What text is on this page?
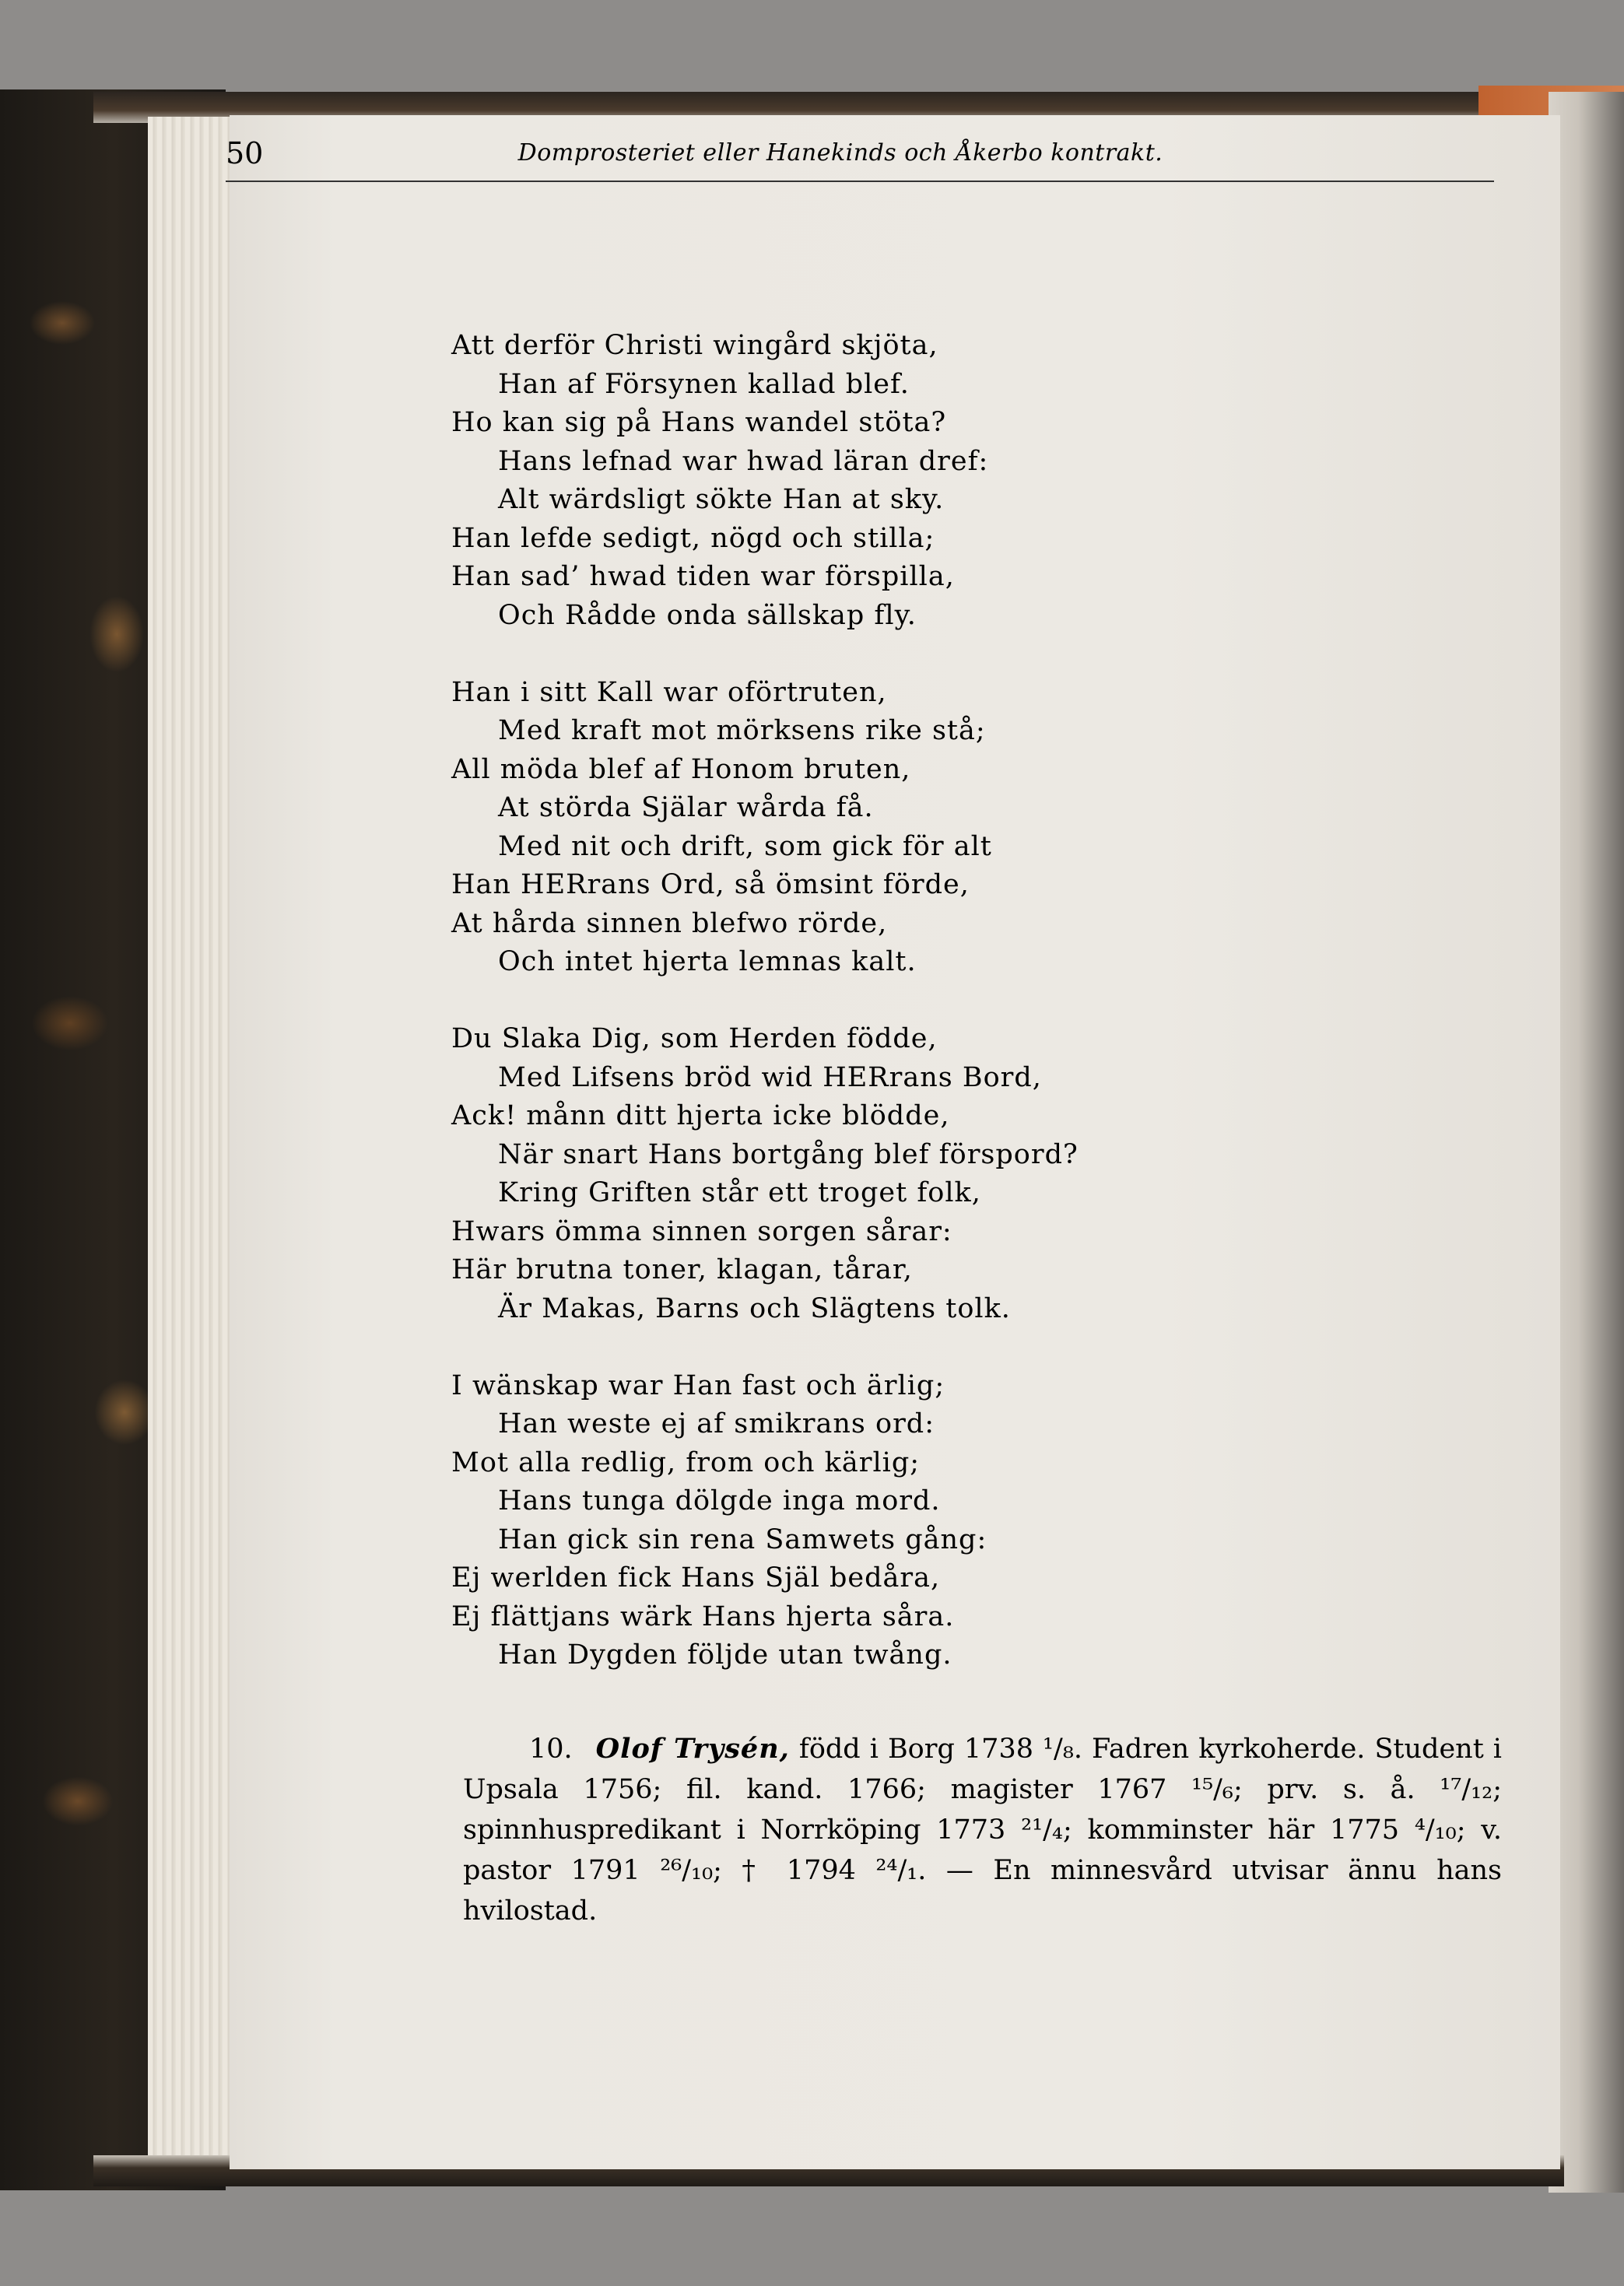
50	Domprosteriet eller Hanekinds och Åkerbo kontrakt.
Att derför Christi wingård skjöta,
Han af Försynen kallad blef.
Ho kan sig på Hans wandel stöta?
Hans lefnad war hwad läran dref:
Alt wärdsligt sökte Han at sky.
Han lefde sedigt, nögd och stilla;
Han sad’ hwad tiden war förspilla,
Och Rådde onda sällskap fly.
Han i sitt Kall war oförtruten,
Med kraft mot mörksens rike stå;
All möda blef af Honom bruten,
At störda Själar wårda få.
Med nit och drift, som gick för alt
Han HERrans Ord, så ömsint förde,
At hårda sinnen blefwo rörde,
Och intet hjerta lemnas kalt.
Du Slaka Dig, som Herden födde,
Med Lifsens bröd wid HERrans Bord,
Ack! månn ditt hjerta icke blödde,
När snart Hans bortgång blef förspord?
Kring Griften står ett troget folk,
Hwars ömma sinnen sorgen sårar:
Här brutna toner, klagan, tårar,
Är Makas, Barns och Slägtens tolk.
I wänskap war Han fast och ärlig;
Han weste ej af smikrans ord:
Mot alla redlig, from och kärlig;
Hans tunga dölgde inga mord.
Han gick sin rena Samwets gång:
Ej werlden fick Hans Själ bedåra,
Ej flättjans wärk Hans hjerta såra.
Han Dygden följde utan twång.
10. Olof Trysén, född i Borg 1738 ¹/₈. Fadren kyrkoherde. Student i Upsala 1756; fil. kand. 1766; magister 1767 ¹⁵/₆; prv. s. å. ¹⁷/₁₂; spinnhuspredikant i Norrköping 1773 ²¹/₄; komminster här 1775 ⁴/₁₀; v. pastor 1791 ²⁶/₁₀; † 1794 ²⁴/₁. — En minnesvård utvisar ännu hans hvilostad.
